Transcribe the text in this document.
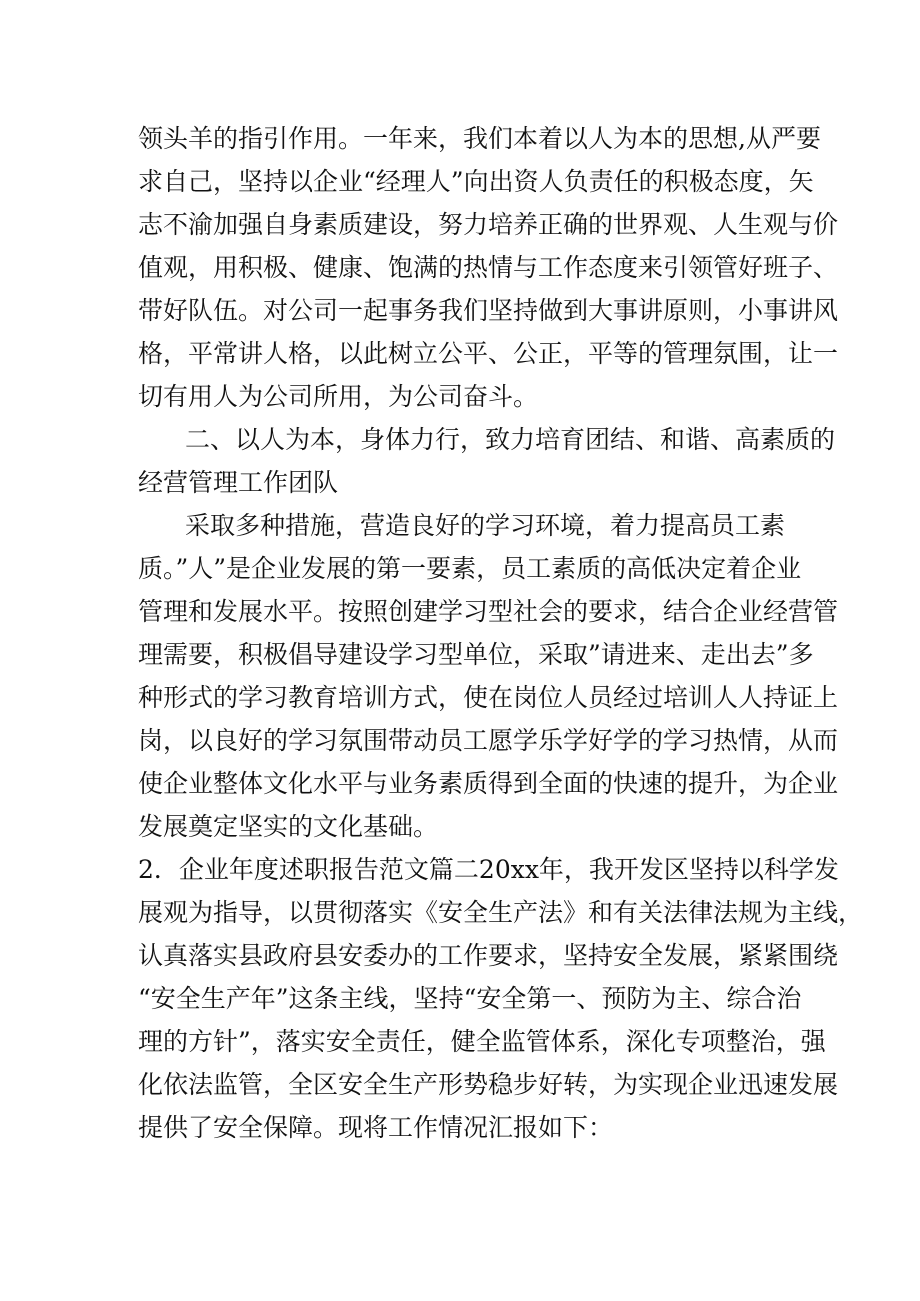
领头羊的指引作用。一年来，我们本着以人为本的思想,从严要
求自己，坚持以企业“经理人”向出资人负责任的积极态度，矢
志不渝加强自身素质建设，努力培养正确的世界观、人生观与价
值观，用积极、健康、饱满的热情与工作态度来引领管好班子、
带好队伍。对公司一起事务我们坚持做到大事讲原则，小事讲风
格，平常讲人格，以此树立公平、公正，平等的管理氛围，让一
切有用人为公司所用，为公司奋斗。
二、以人为本，身体力行，致力培育团结、和谐、高素质的
经营管理工作团队
采取多种措施，营造良好的学习环境，着力提高员工素
质。”人”是企业发展的第一要素，员工素质的高低决定着企业
管理和发展水平。按照创建学习型社会的要求，结合企业经营管
理需要，积极倡导建设学习型单位，采取”请进来、走出去”多
种形式的学习教育培训方式，使在岗位人员经过培训人人持证上
岗，以良好的学习氛围带动员工愿学乐学好学的学习热情，从而
使企业整体文化水平与业务素质得到全面的快速的提升，为企业
发展奠定坚实的文化基础。
2．企业年度述职报告范文篇二20xx年，我开发区坚持以科学发
展观为指导，以贯彻落实《安全生产法》和有关法律法规为主线，
认真落实县政府县安委办的工作要求，坚持安全发展，紧紧围绕
“安全生产年”这条主线，坚持“安全第一、预防为主、综合治
理的方针”，落实安全责任，健全监管体系，深化专项整治，强
化依法监管，全区安全生产形势稳步好转，为实现企业迅速发展
提供了安全保障。现将工作情况汇报如下：
